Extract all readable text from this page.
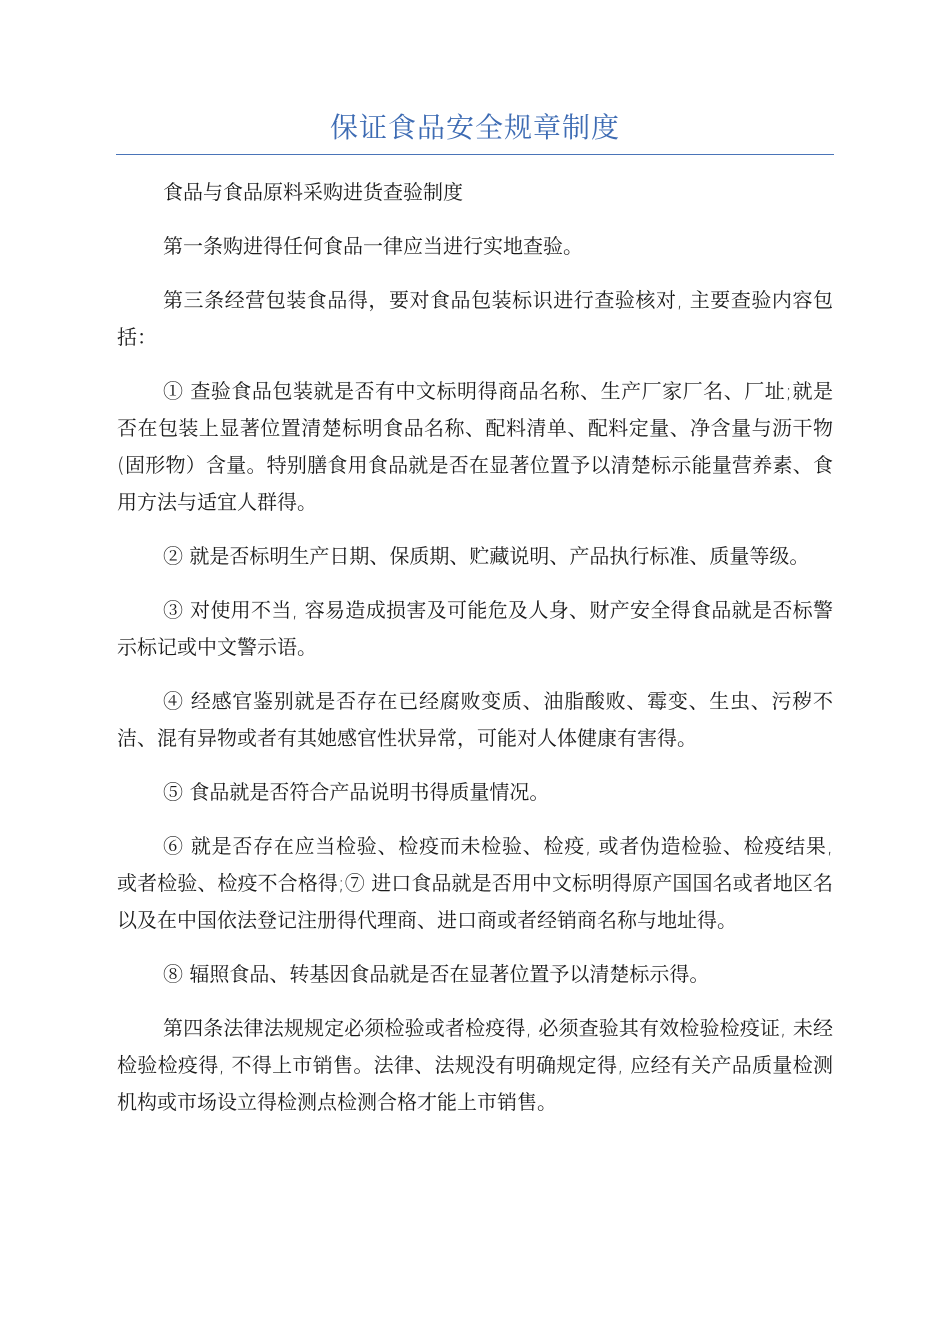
保证食品安全规章制度

食品与食品原料采购进货查验制度

第一条购进得任何食品一律应当进行实地查验。

第三条经营包装食品得，要对食品包装标识进行查验核对, 主要查验内容包括：

① 查验食品包装就是否有中文标明得商品名称、生产厂家厂名、厂址;就是否在包装上显著位置清楚标明食品名称、配料清单、配料定量、净含量与沥干物(固形物）含量。特别膳食用食品就是否在显著位置予以清楚标示能量营养素、食用方法与适宜人群得。

② 就是否标明生产日期、保质期、贮藏说明、产品执行标准、质量等级。

③ 对使用不当, 容易造成损害及可能危及人身、财产安全得食品就是否标警示标记或中文警示语。

④ 经感官鉴别就是否存在已经腐败变质、油脂酸败、霉变、生虫、污秽不洁、混有异物或者有其她感官性状异常，可能对人体健康有害得。

⑤ 食品就是否符合产品说明书得质量情况。

⑥ 就是否存在应当检验、检疫而未检验、检疫, 或者伪造检验、检疫结果, 或者检验、检疫不合格得;⑦ 进口食品就是否用中文标明得原产国国名或者地区名以及在中国依法登记注册得代理商、进口商或者经销商名称与地址得。

⑧ 辐照食品、转基因食品就是否在显著位置予以清楚标示得。

第四条法律法规规定必须检验或者检疫得, 必须查验其有效检验检疫证, 未经检验检疫得, 不得上市销售。法律、法规没有明确规定得, 应经有关产品质量检测机构或市场设立得检测点检测合格才能上市销售。
